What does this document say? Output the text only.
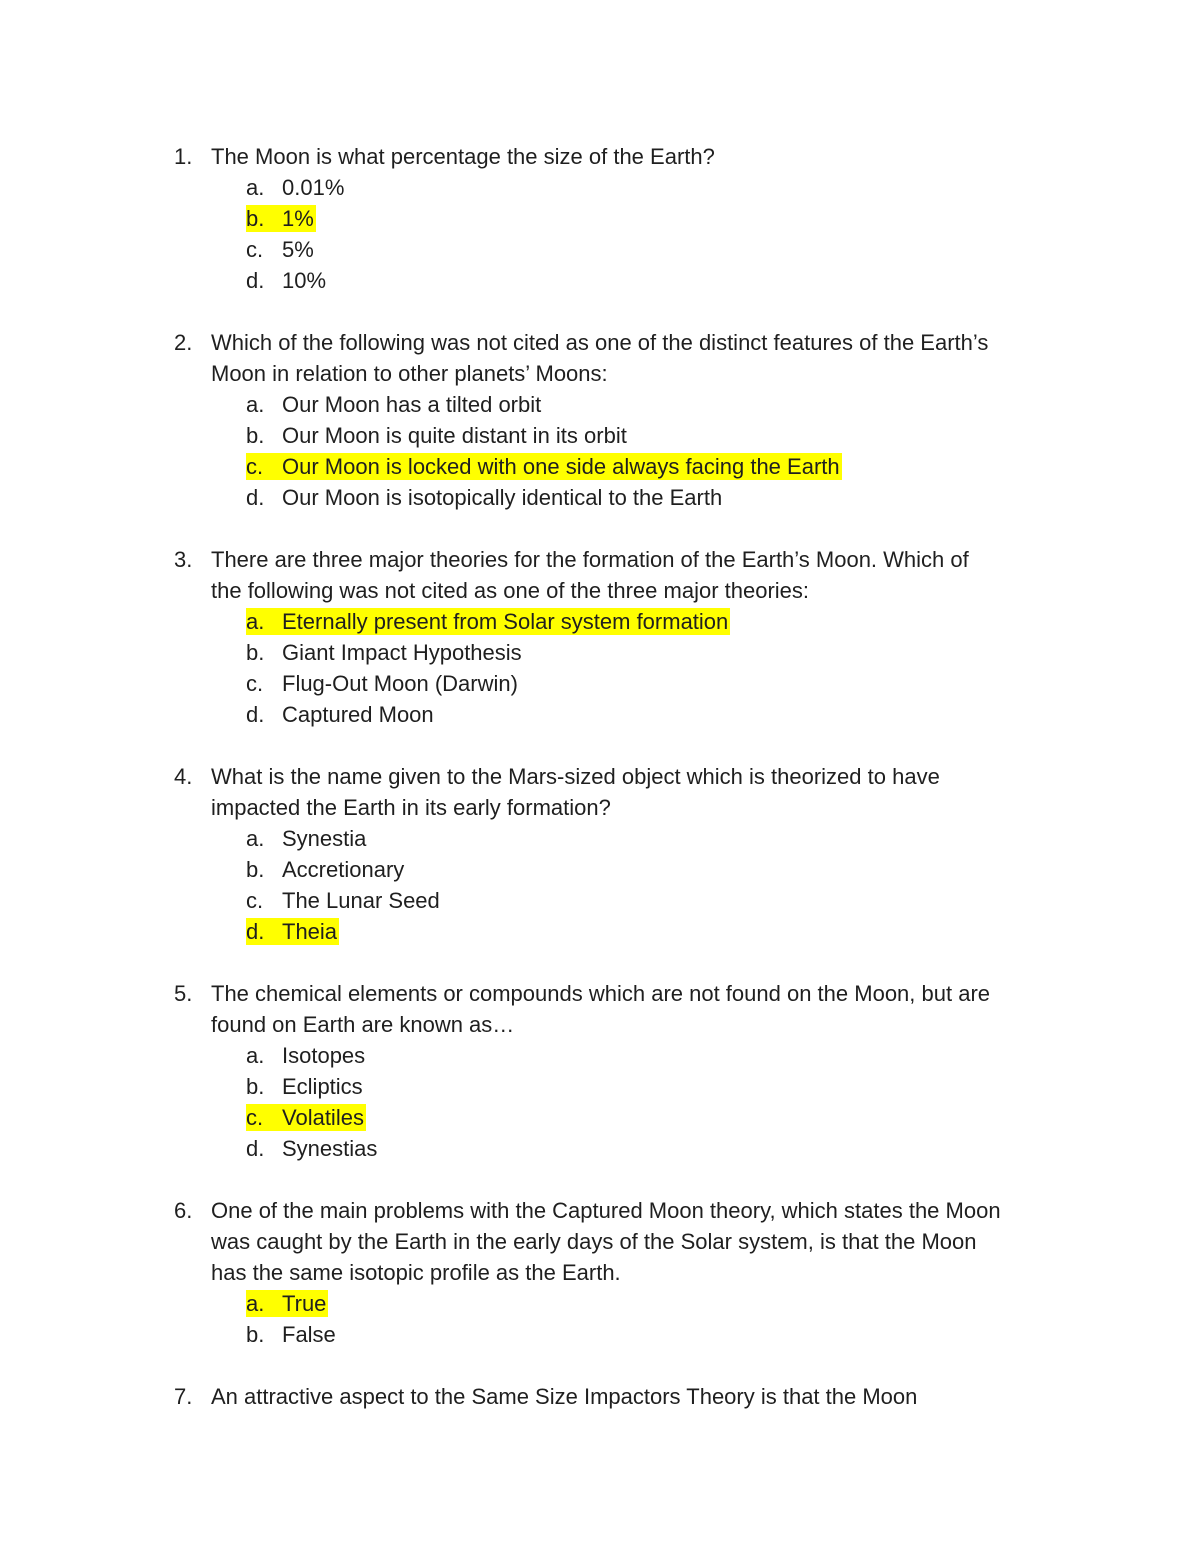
1. The Moon is what percentage the size of the Earth?
a. 0.01%
b. 1%
c. 5%
d. 10%
2. Which of the following was not cited as one of the distinct features of the Earth’s
Moon in relation to other planets’ Moons:
a. Our Moon has a tilted orbit
b. Our Moon is quite distant in its orbit
c. Our Moon is locked with one side always facing the Earth
d. Our Moon is isotopically identical to the Earth
3. There are three major theories for the formation of the Earth’s Moon. Which of
the following was not cited as one of the three major theories:
a. Eternally present from Solar system formation
b. Giant Impact Hypothesis
c. Flug-Out Moon (Darwin)
d. Captured Moon
4. What is the name given to the Mars-sized object which is theorized to have
impacted the Earth in its early formation?
a. Synestia
b. Accretionary
c. The Lunar Seed
d. Theia
5. The chemical elements or compounds which are not found on the Moon, but are
found on Earth are known as…
a. Isotopes
b. Ecliptics
c. Volatiles
d. Synestias
6. One of the main problems with the Captured Moon theory, which states the Moon
was caught by the Earth in the early days of the Solar system, is that the Moon
has the same isotopic profile as the Earth.
a. True
b. False
7. An attractive aspect to the Same Size Impactors Theory is that the Moon
